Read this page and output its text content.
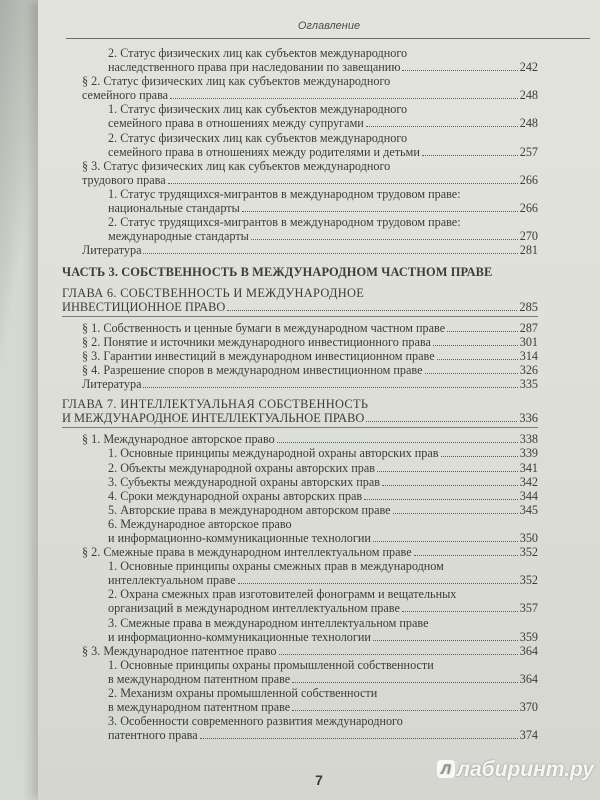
Оглавление
2. Статус физических лиц как субъектов международного
наследственного права при наследовании по завещанию	242
§ 2. Статус физических лиц как субъектов международного
семейного права	248
1. Статус физических лиц как субъектов международного
семейного права в отношениях между супругами	248
2. Статус физических лиц как субъектов международного
семейного права в отношениях между родителями и детьми	257
§ 3. Статус физических лиц как субъектов международного
трудового права	266
1. Статус трудящихся-мигрантов в международном трудовом праве:
национальные стандарты	266
2. Статус трудящихся-мигрантов в международном трудовом праве:
международные стандарты	270
Литература	281
ЧАСТЬ 3. СОБСТВЕННОСТЬ В МЕЖДУНАРОДНОМ ЧАСТНОМ ПРАВЕ
ГЛАВА 6. СОБСТВЕННОСТЬ И МЕЖДУНАРОДНОЕ
ИНВЕСТИЦИОННОЕ ПРАВО	285
§ 1. Собственность и ценные бумаги в международном частном праве	287
§ 2. Понятие и источники международного инвестиционного права	301
§ 3. Гарантии инвестиций в международном инвестиционном праве	314
§ 4. Разрешение споров в международном инвестиционном праве	326
Литература	335
ГЛАВА 7. ИНТЕЛЛЕКТУАЛЬНАЯ СОБСТВЕННОСТЬ
И МЕЖДУНАРОДНОЕ ИНТЕЛЛЕКТУАЛЬНОЕ ПРАВО	336
§ 1. Международное авторское право	338
1. Основные принципы международной охраны авторских прав	339
2. Объекты международной охраны авторских прав	341
3. Субъекты международной охраны авторских прав	342
4. Сроки международной охраны авторских прав	344
5. Авторские права в международном авторском праве	345
6. Международное авторское право
и информационно-коммуникационные технологии	350
§ 2. Смежные права в международном интеллектуальном праве	352
1. Основные принципы охраны смежных прав в международном
интеллектуальном праве	352
2. Охрана смежных прав изготовителей фонограмм и вещательных
организаций в международном интеллектуальном праве	357
3. Смежные права в международном интеллектуальном праве
и информационно-коммуникационные технологии	359
§ 3. Международное патентное право	364
1. Основные принципы охраны промышленной собственности
в международном патентном праве	364
2. Механизм охраны промышленной собственности
в международном патентном праве	370
3. Особенности современного развития международного
патентного права	374
7
Л лабиринт.ру
